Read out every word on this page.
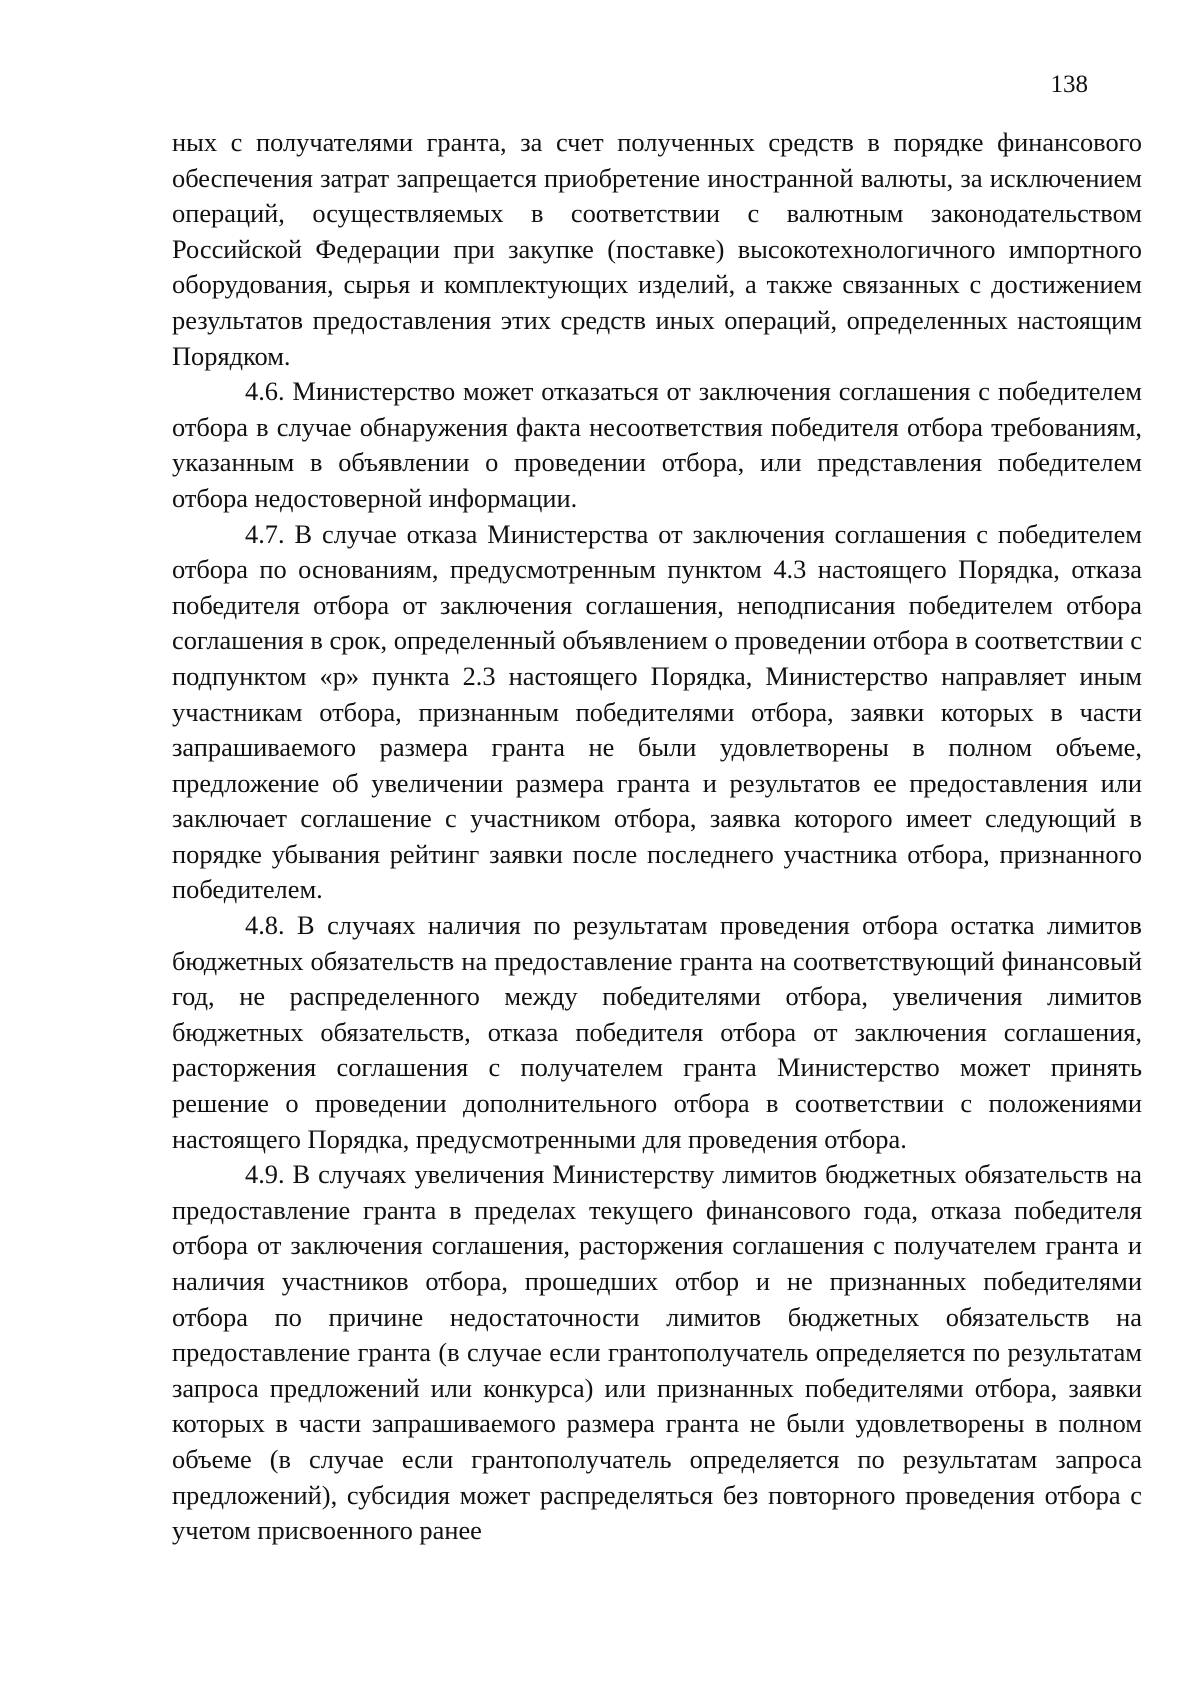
138

ных с получателями гранта, за счет полученных средств в порядке финансового обеспечения затрат запрещается приобретение иностранной валюты, за исключением операций, осуществляемых в соответствии с валютным законодательством Российской Федерации при закупке (поставке) высокотехнологичного импортного оборудования, сырья и комплектующих изделий, а также связанных с достижением результатов предоставления этих средств иных операций, определенных настоящим Порядком.

4.6. Министерство может отказаться от заключения соглашения с победителем отбора в случае обнаружения факта несоответствия победителя отбора требованиям, указанным в объявлении о проведении отбора, или представления победителем отбора недостоверной информации.

4.7. В случае отказа Министерства от заключения соглашения с победителем отбора по основаниям, предусмотренным пунктом 4.3 настоящего Порядка, отказа победителя отбора от заключения соглашения, неподписания победителем отбора соглашения в срок, определенный объявлением о проведении отбора в соответствии с подпунктом «р» пункта 2.3 настоящего Порядка, Министерство направляет иным участникам отбора, признанным победителями отбора, заявки которых в части запрашиваемого размера гранта не были удовлетворены в полном объеме, предложение об увеличении размера гранта и результатов ее предоставления или заключает соглашение с участником отбора, заявка которого имеет следующий в порядке убывания рейтинг заявки после последнего участника отбора, признанного победителем.

4.8. В случаях наличия по результатам проведения отбора остатка лимитов бюджетных обязательств на предоставление гранта на соответствующий финансовый год, не распределенного между победителями отбора, увеличения лимитов бюджетных обязательств, отказа победителя отбора от заключения соглашения, расторжения соглашения с получателем гранта Министерство может принять решение о проведении дополнительного отбора в соответствии с положениями настоящего Порядка, предусмотренными для проведения отбора.

4.9. В случаях увеличения Министерству лимитов бюджетных обязательств на предоставление гранта в пределах текущего финансового года, отказа победителя отбора от заключения соглашения, расторжения соглашения с получателем гранта и наличия участников отбора, прошедших отбор и не признанных победителями отбора по причине недостаточности лимитов бюджетных обязательств на предоставление гранта (в случае если грантополучатель определяется по результатам запроса предложений или конкурса) или признанных победителями отбора, заявки которых в части запрашиваемого размера гранта не были удовлетворены в полном объеме (в случае если грантополучатель определяется по результатам запроса предложений), субсидия может распределяться без повторного проведения отбора с учетом присвоенного ранее
